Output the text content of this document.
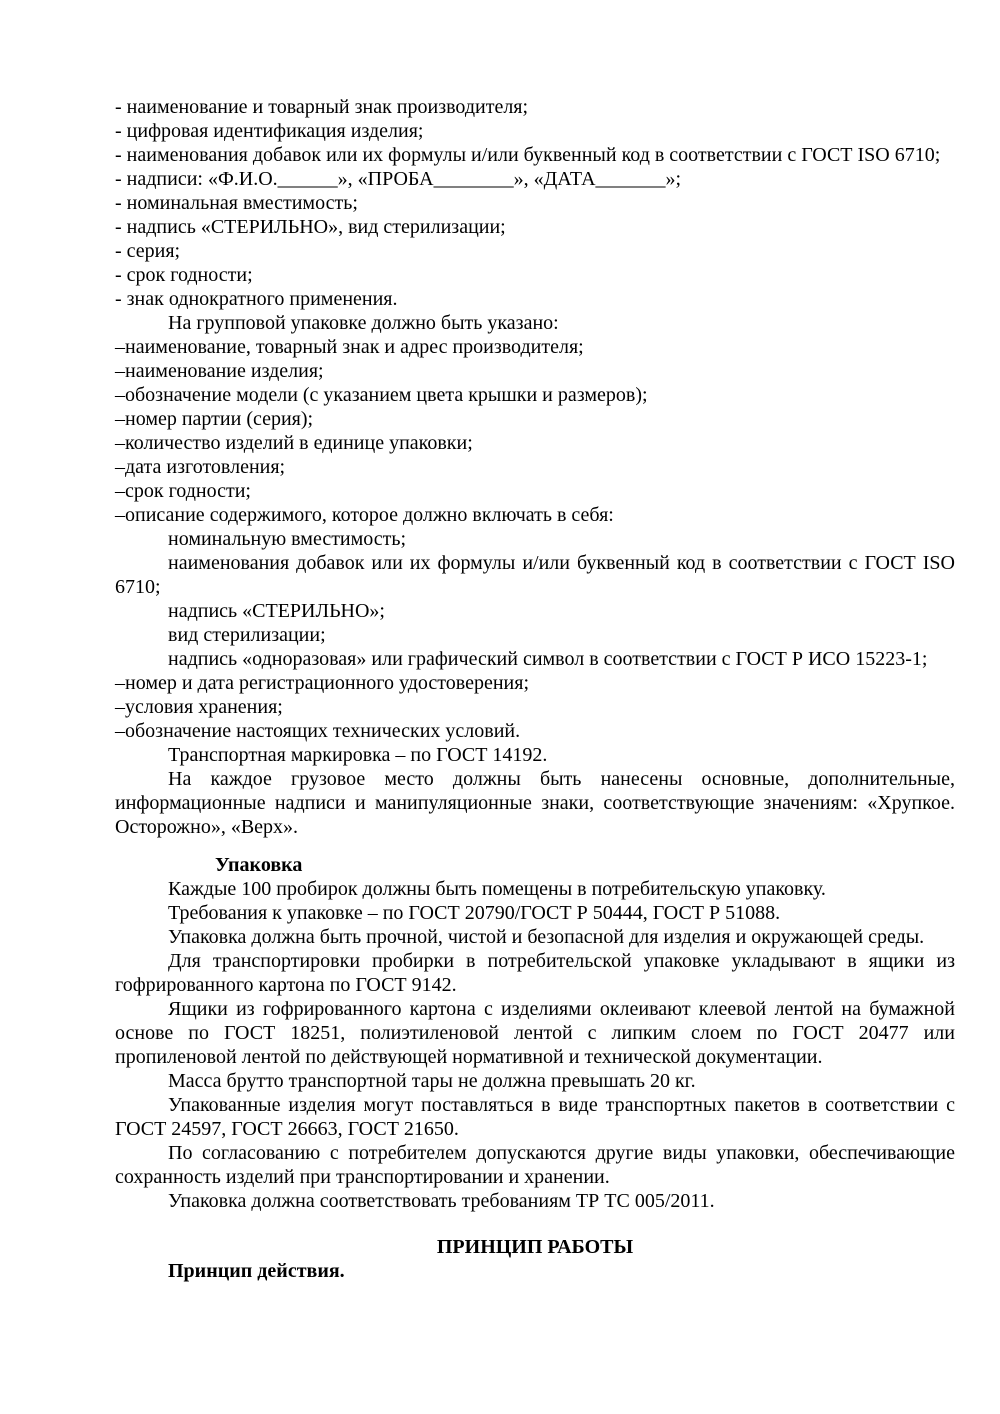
- наименование и товарный знак производителя;

- цифровая идентификация изделия;

- наименования добавок или их формулы и/или буквенный код в соответствии с ГОСТ ISO 6710;

- надписи: «Ф.И.О.______», «ПРОБА________», «ДАТА_______»;

- номинальная вместимость;

- надпись «СТЕРИЛЬНО», вид стерилизации;

- серия;

- срок годности;

- знак однократного применения.

На групповой упаковке должно быть указано:

–наименование, товарный знак и адрес производителя;

–наименование изделия;

–обозначение модели (с указанием цвета крышки и размеров);

–номер партии (серия);

–количество изделий в единице упаковки;

–дата изготовления;

–срок годности;

–описание содержимого, которое должно включать в себя:

номинальную вместимость;

наименования добавок или их формулы и/или буквенный код в соответствии с ГОСТ ISO 6710;

надпись «СТЕРИЛЬНО»;

вид стерилизации;

надпись «одноразовая» или графический символ в соответствии с ГОСТ Р ИСО 15223-1;

–номер и дата регистрационного удостоверения;

–условия хранения;

–обозначение настоящих технических условий.

Транспортная маркировка – по ГОСТ 14192.

На каждое грузовое место должны быть нанесены основные, дополнительные, информационные надписи и манипуляционные знаки, соответствующие значениям: «Хрупкое. Осторожно», «Верх».

Упаковка

Каждые 100 пробирок должны быть помещены в потребительскую упаковку.

Требования к упаковке – по ГОСТ 20790/ГОСТ Р 50444, ГОСТ Р 51088.

Упаковка должна быть прочной, чистой и безопасной для изделия и окружающей среды.

Для транспортировки пробирки в потребительской упаковке укладывают в ящики из гофрированного картона по ГОСТ 9142.

Ящики из гофрированного картона с изделиями оклеивают клеевой лентой на бумажной основе по ГОСТ 18251, полиэтиленовой лентой с липким слоем по ГОСТ 20477 или пропиленовой лентой по действующей нормативной и технической документации.

Масса брутто транспортной тары не должна превышать 20 кг.

Упакованные изделия могут поставляться в виде транспортных пакетов в соответствии с ГОСТ 24597, ГОСТ 26663, ГОСТ 21650.

По согласованию с потребителем допускаются другие виды упаковки, обеспечивающие сохранность изделий при транспортировании и хранении.

Упаковка должна соответствовать требованиям ТР ТС 005/2011.

ПРИНЦИП РАБОТЫ

Принцип действия.
